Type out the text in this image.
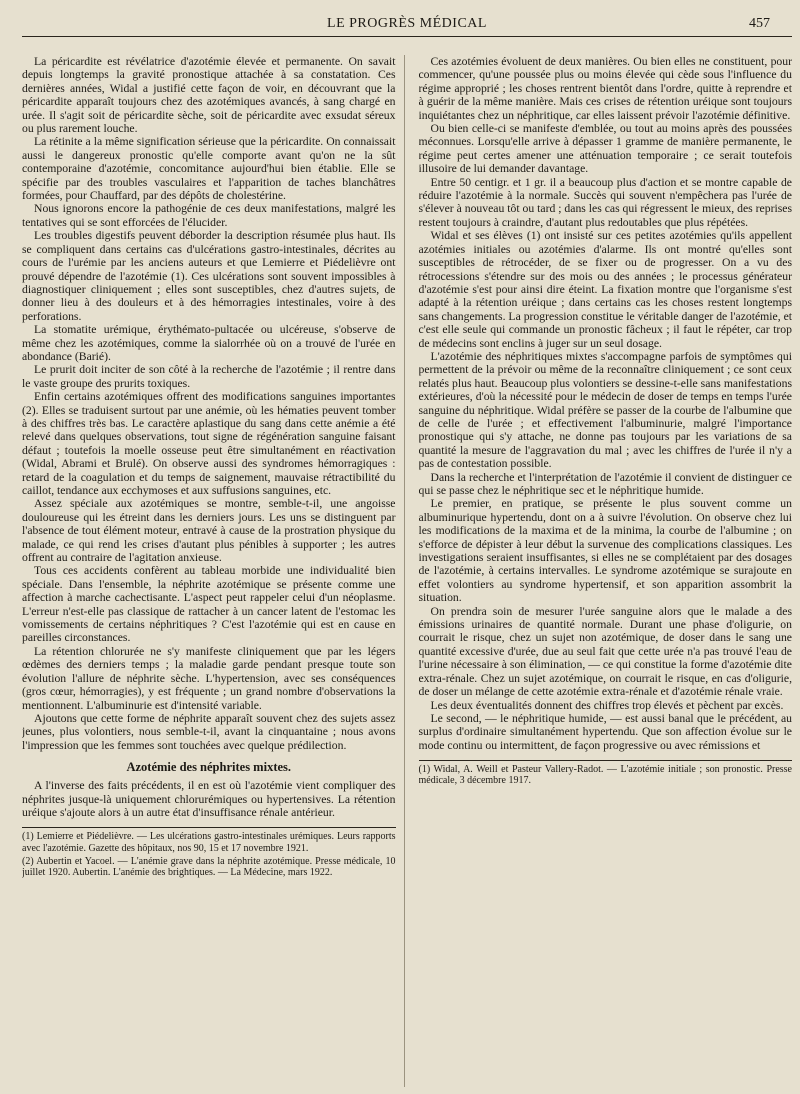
LE PROGRÈS MÉDICAL	457

La péricardite est révélatrice d'azotémie élevée et permanente. On savait depuis longtemps la gravité pronostique attachée à sa constatation. Ces dernières années, Widal a justifié cette façon de voir, en découvrant que la péricardite apparaît toujours chez des azotémiques avancés, à sang chargé en urée. Il s'agit soit de péricardite sèche, soit de péricardite avec exsudat séreux ou plus rarement louche.

La rétinite a la même signification sérieuse que la péricardite. On connaissait aussi le dangereux pronostic qu'elle comporte avant qu'on ne la sût contemporaine d'azotémie, concomitance aujourd'hui bien établie. Elle se spécifie par des troubles vasculaires et l'apparition de taches blanchâtres formées, pour Chauffard, par des dépôts de cholestérine.

Nous ignorons encore la pathogénie de ces deux manifestations, malgré les tentatives qui se sont efforcées de l'élucider.

Les troubles digestifs peuvent déborder la description résumée plus haut. Ils se compliquent dans certains cas d'ulcérations gastro-intestinales, décrites au cours de l'urémie par les anciens auteurs et que Lemierre et Piédelièvre ont prouvé dépendre de l'azotémie (1). Ces ulcérations sont souvent impossibles à diagnostiquer cliniquement ; elles sont susceptibles, chez d'autres sujets, de donner lieu à des douleurs et à des hémorragies intestinales, voire à des perforations.

La stomatite urémique, érythémato-pultacée ou ulcéreuse, s'observe de même chez les azotémiques, comme la sialorrhée où on a trouvé de l'urée en abondance (Barié).

Le prurit doit inciter de son côté à la recherche de l'azotémie ; il rentre dans le vaste groupe des prurits toxiques.

Enfin certains azotémiques offrent des modifications sanguines importantes (2). Elles se traduisent surtout par une anémie, où les hématies peuvent tomber à des chiffres très bas. Le caractère aplastique du sang dans cette anémie a été relevé dans quelques observations, tout signe de régénération sanguine faisant défaut ; toutefois la moelle osseuse peut être simultanément en réactivation (Widal, Abrami et Brulé). On observe aussi des syndromes hémorragiques : retard de la coagulation et du temps de saignement, mauvaise rétractibilité du caillot, tendance aux ecchymoses et aux suffusions sanguines, etc.

Assez spéciale aux azotémiques se montre, semble-t-il, une angoisse douloureuse qui les étreint dans les derniers jours. Les uns se distinguent par l'absence de tout élément moteur, entravé à cause de la prostration physique du malade, ce qui rend les crises d'autant plus pénibles à supporter ; les autres offrent au contraire de l'agitation anxieuse.

Tous ces accidents confèrent au tableau morbide une individualité bien spéciale. Dans l'ensemble, la néphrite azotémique se présente comme une affection à marche cachectisante. L'aspect peut rappeler celui d'un néoplasme. L'erreur n'est-elle pas classique de rattacher à un cancer latent de l'estomac les vomissements de certains néphritiques ? C'est l'azotémie qui est en cause en pareilles circonstances.

La rétention chlorurée ne s'y manifeste cliniquement que par les légers œdèmes des derniers temps ; la maladie garde pendant presque toute son évolution l'allure de néphrite sèche. L'hypertension, avec ses conséquences (gros cœur, hémorragies), y est fréquente ; un grand nombre d'observations la mentionnent. L'albuminurie est d'intensité variable.

Ajoutons que cette forme de néphrite apparaît souvent chez des sujets assez jeunes, plus volontiers, nous semble-t-il, avant la cinquantaine ; nous avons l'impression que les femmes sont touchées avec quelque prédilection.

Azotémie des néphrites mixtes.

A l'inverse des faits précédents, il en est où l'azotémie vient compliquer des néphrites jusque-là uniquement chlorurémiques ou hypertensives. La rétention uréique s'ajoute alors à un autre état d'insuffisance rénale antérieur.

(1) Lemierre et Piédelièvre. — Les ulcérations gastro-intestinales urémiques. Leurs rapports avec l'azotémie. Gazette des hôpitaux, nos 90, 15 et 17 novembre 1921.

(2) Aubertin et Yacoel. — L'anémie grave dans la néphrite azotémique. Presse médicale, 10 juillet 1920. Aubertin. L'anémie des brightiques. — La Médecine, mars 1922.

Ces azotémies évoluent de deux manières. Ou bien elles ne constituent, pour commencer, qu'une poussée plus ou moins élevée qui cède sous l'influence du régime approprié ; les choses rentrent bientôt dans l'ordre, quitte à reprendre et à guérir de la même manière. Mais ces crises de rétention uréique sont toujours inquiétantes chez un néphritique, car elles laissent prévoir l'azotémie définitive.

Ou bien celle-ci se manifeste d'emblée, ou tout au moins après des poussées méconnues. Lorsqu'elle arrive à dépasser 1 gramme de manière permanente, le régime peut certes amener une atténuation temporaire ; ce serait toutefois illusoire de lui demander davantage.

Entre 50 centigr. et 1 gr. il a beaucoup plus d'action et se montre capable de réduire l'azotémie à la normale. Succès qui souvent n'empêchera pas l'urée de s'élever à nouveau tôt ou tard ; dans les cas qui régressent le mieux, des reprises restent toujours à craindre, d'autant plus redoutables que plus répétées.

Widal et ses élèves (1) ont insisté sur ces petites azotémies qu'ils appellent azotémies initiales ou azotémies d'alarme. Ils ont montré qu'elles sont susceptibles de rétrocéder, de se fixer ou de progresser. On a vu des rétrocessions s'étendre sur des mois ou des années ; le processus générateur d'azotémie s'est pour ainsi dire éteint. La fixation montre que l'organisme s'est adapté à la rétention uréique ; dans certains cas les choses restent longtemps sans changements. La progression constitue le véritable danger de l'azotémie, et c'est elle seule qui commande un pronostic fâcheux ; il faut le répéter, car trop de médecins sont enclins à juger sur un seul dosage.

L'azotémie des néphritiques mixtes s'accompagne parfois de symptômes qui permettent de la prévoir ou même de la reconnaître cliniquement ; ce sont ceux relatés plus haut. Beaucoup plus volontiers se dessine-t-elle sans manifestations extérieures, d'où la nécessité pour le médecin de doser de temps en temps l'urée sanguine du néphritique. Widal préfère se passer de la courbe de l'albumine que de celle de l'urée ; et effectivement l'albuminurie, malgré l'importance pronostique qui s'y attache, ne donne pas toujours par les variations de sa quantité la mesure de l'aggravation du mal ; avec les chiffres de l'urée il n'y a pas de contestation possible.

Dans la recherche et l'interprétation de l'azotémie il convient de distinguer ce qui se passe chez le néphritique sec et le néphritique humide.

Le premier, en pratique, se présente le plus souvent comme un albuminurique hypertendu, dont on a à suivre l'évolution. On observe chez lui les modifications de la maxima et de la minima, la courbe de l'albumine ; on s'efforce de dépister à leur début la survenue des complications classiques. Les investigations seraient insuffisantes, si elles ne se complétaient par des dosages de l'azotémie, à certains intervalles. Le syndrome azotémique se surajoute en effet volontiers au syndrome hypertensif, et son apparition assombrit la situation.

On prendra soin de mesurer l'urée sanguine alors que le malade a des émissions urinaires de quantité normale. Durant une phase d'oligurie, on courrait le risque, chez un sujet non azotémique, de doser dans le sang une quantité excessive d'urée, due au seul fait que cette urée n'a pas trouvé l'eau de l'urine nécessaire à son élimination, — ce qui constitue la forme d'azotémie dite extra-rénale. Chez un sujet azotémique, on courrait le risque, en cas d'oligurie, de doser un mélange de cette azotémie extra-rénale et d'azotémie rénale vraie.

Les deux éventualités donnent des chiffres trop élevés et pèchent par excès.

Le second, — le néphritique humide, — est aussi banal que le précédent, au surplus d'ordinaire simultanément hypertendu. Que son affection évolue sur le mode continu ou intermittent, de façon progressive ou avec rémissions et

(1) Widal, A. Weill et Pasteur Vallery-Radot. — L'azotémie initiale ; son pronostic. Presse médicale, 3 décembre 1917.
